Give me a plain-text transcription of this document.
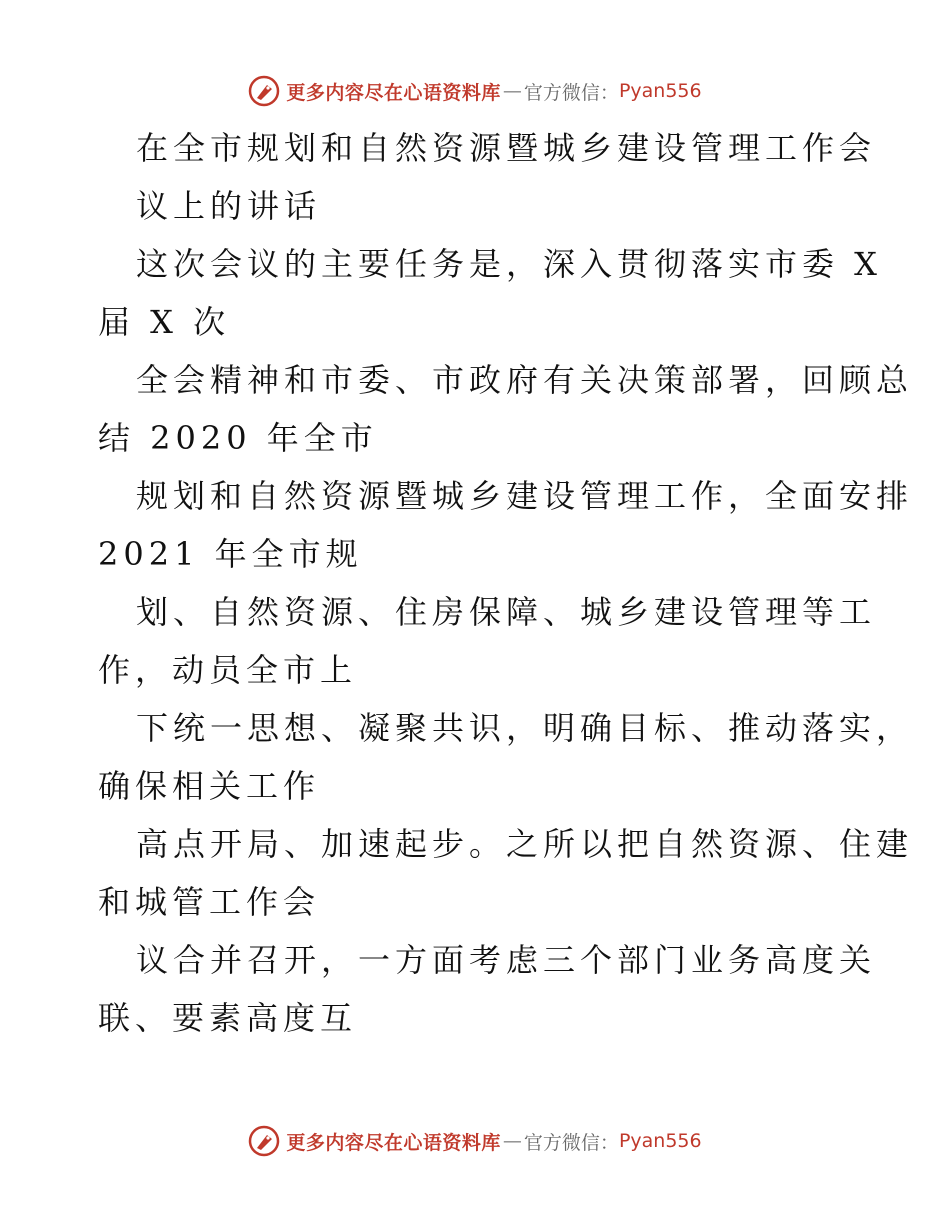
更多内容尽在心语资料库 — 官方微信： Pyan556
在全市规划和自然资源暨城乡建设管理工作会
议上的讲话
这次会议的主要任务是，深入贯彻落实市委 X
届 X 次
全会精神和市委、市政府有关决策部署，回顾总
结 2020 年全市
规划和自然资源暨城乡建设管理工作，全面安排
2021 年全市规
划、自然资源、住房保障、城乡建设管理等工
作，动员全市上
下统一思想、凝聚共识，明确目标、推动落实，
确保相关工作
高点开局、加速起步。之所以把自然资源、住建
和城管工作会
议合并召开，一方面考虑三个部门业务高度关
联、要素高度互
更多内容尽在心语资料库 — 官方微信： Pyan556
